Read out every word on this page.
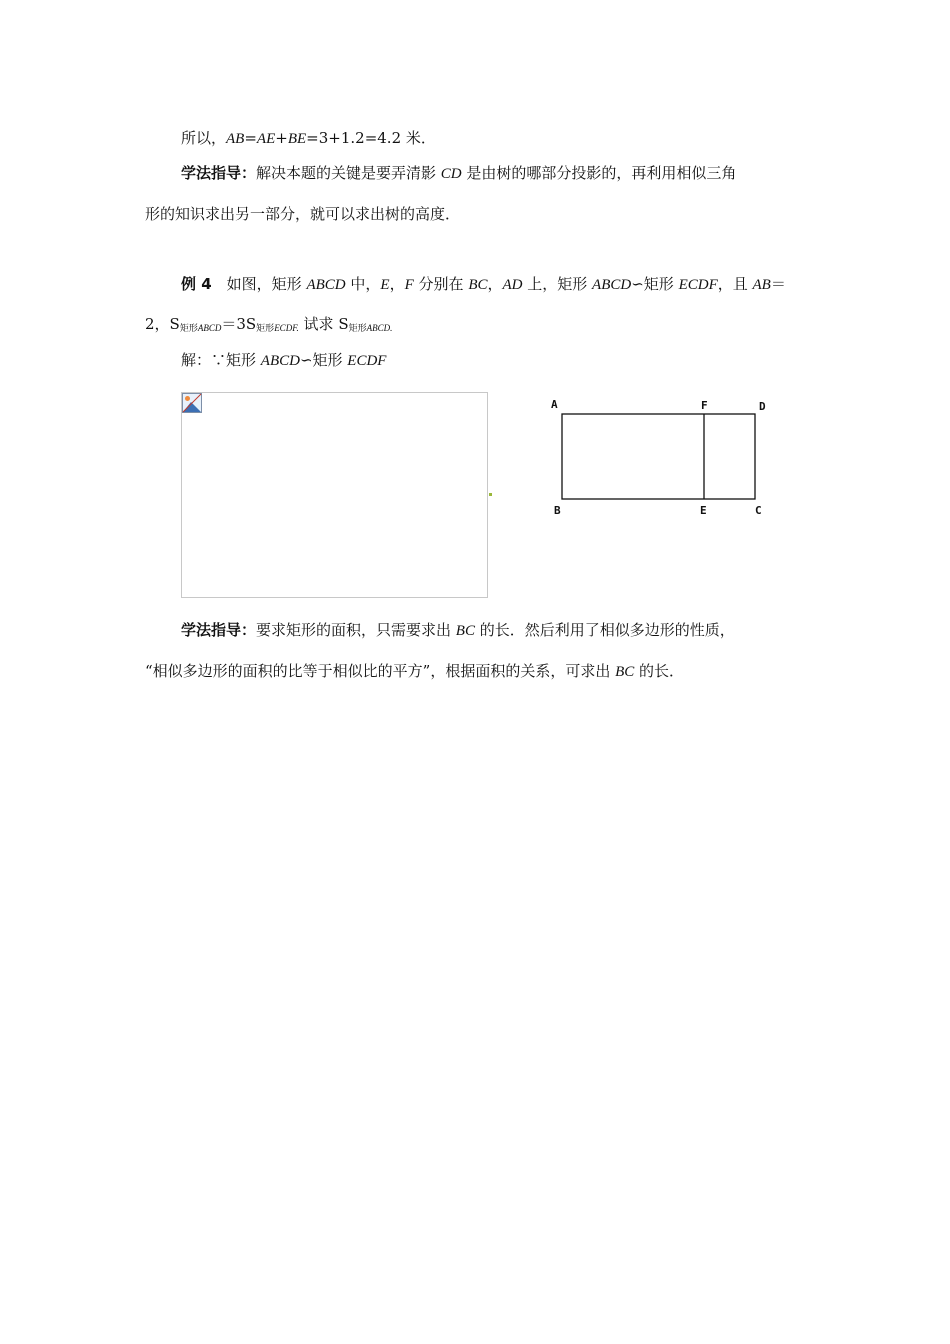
所以，AB=AE+BE=3+1.2=4.2 米．
学法指导：解决本题的关键是要弄清影 CD 是由树的哪部分投影的，再利用相似三角
形的知识求出另一部分，就可以求出树的高度．
例 4　如图，矩形 ABCD 中，E，F 分别在 BC，AD 上，矩形 ABCD∽矩形 ECDF，且 AB＝
2，$S_{矩形}ABCD=3S_{矩形}ECDF$. 试求 $S_{矩形}ABCD$.
解：∵矩形 ABCD∽矩形 ECDF
A	F	D
B	E	C
学法指导：要求矩形的面积，只需要求出 BC 的长．然后利用了相似多边形的性质，
“相似多边形的面积的比等于相似比的平方”，根据面积的关系，可求出 BC 的长．
